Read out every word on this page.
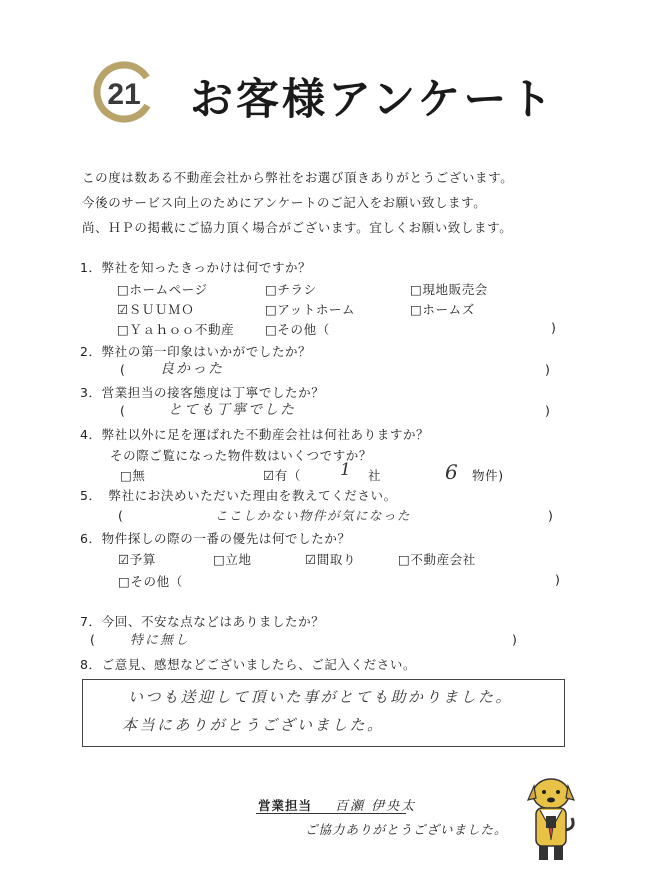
21 お客様アンケート
この度は数ある不動産会社から弊社をお選び頂きありがとうございます。
今後のサービス向上のためにアンケートのご記入をお願い致します。
尚、ＨＰの掲載にご協力頂く場合がございます。宜しくお願い致します。
1．弊社を知ったきっかけは何ですか？
□ホームページ	□チラシ	□現地販売会
☑ＳＵＵＭＯ	□アットホーム	□ホームズ
□Ｙａｈｏｏ不動産 □その他（	)
2．弊社の第一印象はいかがでしたか？
(	良かった	)
3．営業担当の接客態度は丁寧でしたか？
(	とても丁寧でした	)
4．弊社以外に足を運ばれた不動産会社は何社ありますか？
その際ご覧になった物件数はいくつですか？
□無	☑有（ 1 社	6 物件)
5．　弊社にお決めいただいた理由を教えてください。
(	ここしかない物件が気になった	)
6．物件探しの際の一番の優先は何でしたか？
☑予算	□立地	☑間取り	□不動産会社
□その他（	)
7．今回、不安な点などはありましたか？
(	特に無し	)
8．ご意見、感想などございましたら、ご記入ください。
いつも送迎して頂いた事がとても助かりました。
本当にありがとうございました。
営業担当 百瀬 伊央太
ご協力ありがとうございました。
